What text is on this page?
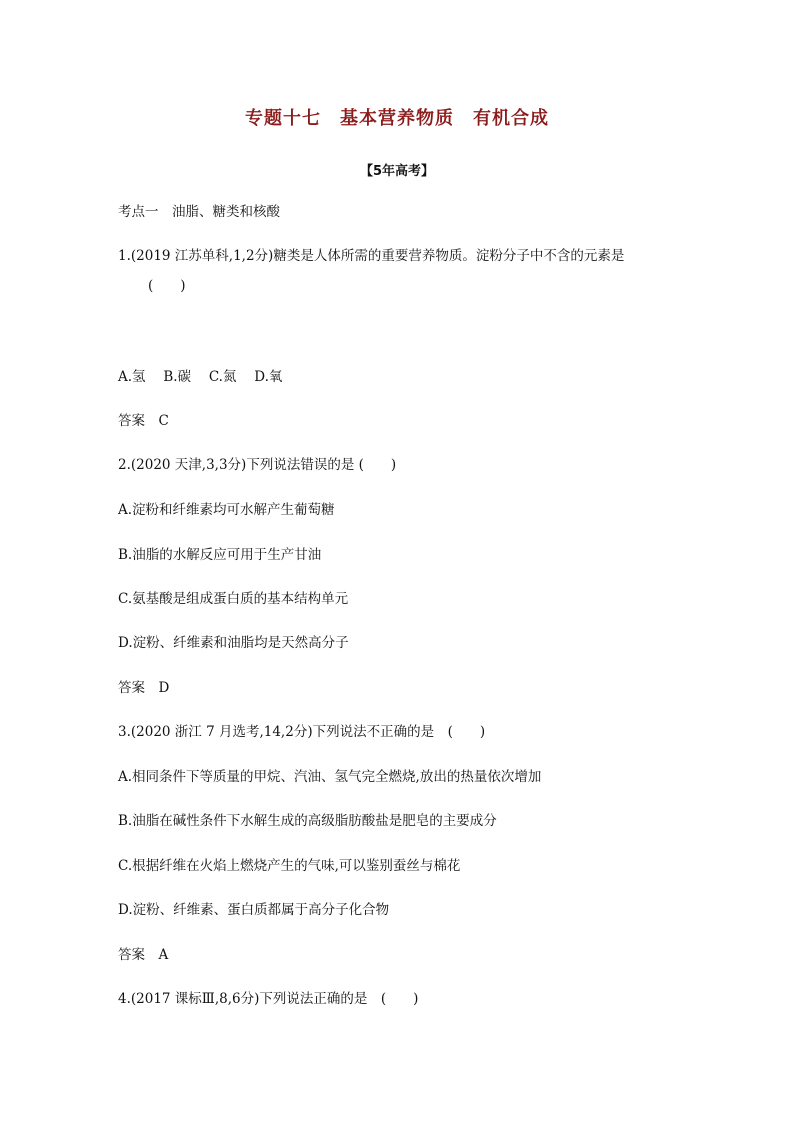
专题十七　基本营养物质　有机合成
【5年高考】
考点一　油脂、糖类和核酸
1.(2019 江苏单科,1,2分)糖类是人体所需的重要营养物质。淀粉分子中不含的元素是
(　　)
A.氢　 B.碳　 C.氮　 D.氧
答案　C
2.(2020 天津,3,3分)下列说法错误的是 (　　)
A.淀粉和纤维素均可水解产生葡萄糖
B.油脂的水解反应可用于生产甘油
C.氨基酸是组成蛋白质的基本结构单元
D.淀粉、纤维素和油脂均是天然高分子
答案　D
3.(2020 浙江 7 月选考,14,2分)下列说法不正确的是　(　　)
A.相同条件下等质量的甲烷、汽油、氢气完全燃烧,放出的热量依次增加
B.油脂在碱性条件下水解生成的高级脂肪酸盐是肥皂的主要成分
C.根据纤维在火焰上燃烧产生的气味,可以鉴别蚕丝与棉花
D.淀粉、纤维素、蛋白质都属于高分子化合物
答案　A
4.(2017 课标Ⅲ,8,6分)下列说法正确的是　(　　)
